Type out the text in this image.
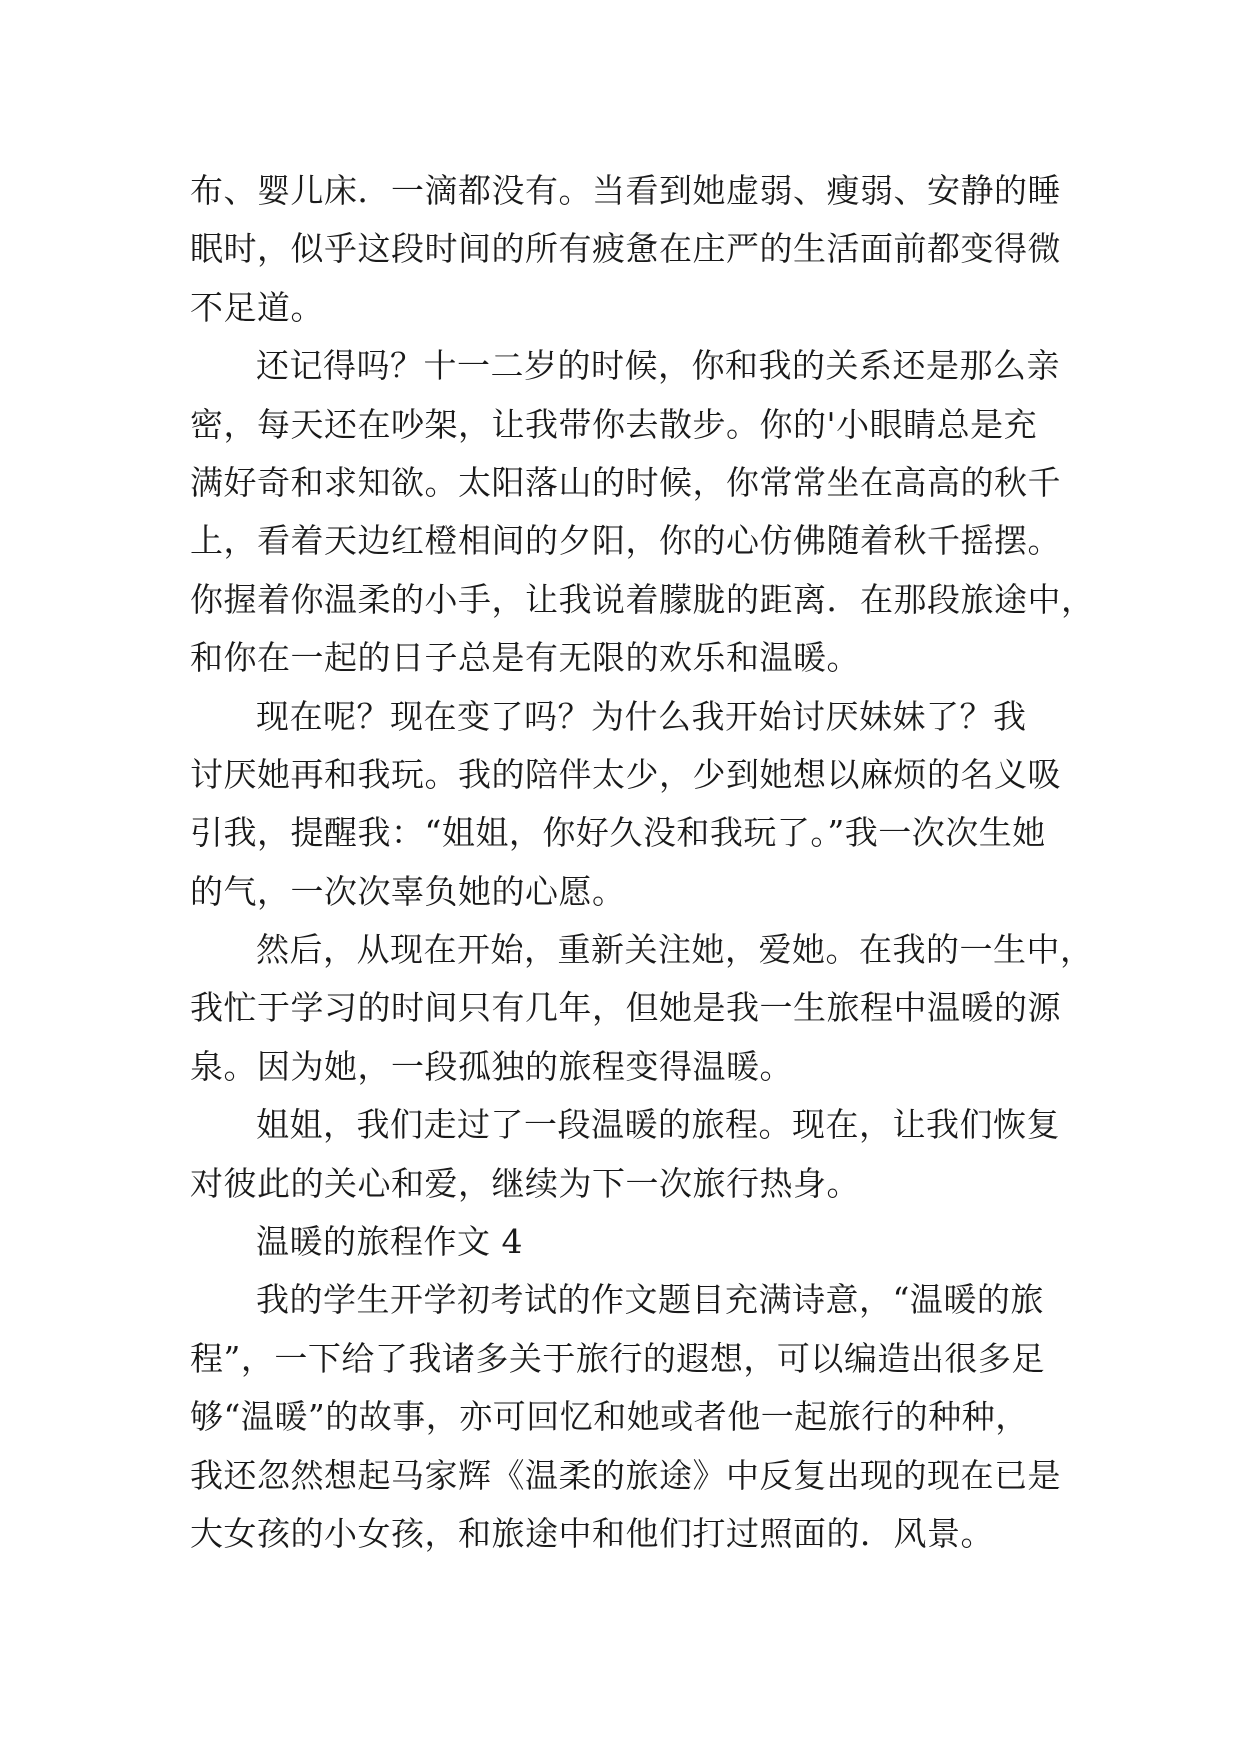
布、婴儿床．一滴都没有。当看到她虚弱、瘦弱、安静的睡
眠时，似乎这段时间的所有疲惫在庄严的生活面前都变得微
不足道。
还记得吗？十一二岁的时候，你和我的关系还是那么亲
密，每天还在吵架，让我带你去散步。你的'小眼睛总是充
满好奇和求知欲。太阳落山的时候，你常常坐在高高的秋千
上，看着天边红橙相间的夕阳，你的心仿佛随着秋千摇摆。
你握着你温柔的小手，让我说着朦胧的距离．在那段旅途中，
和你在一起的日子总是有无限的欢乐和温暖。
现在呢？现在变了吗？为什么我开始讨厌妹妹了？我
讨厌她再和我玩。我的陪伴太少，少到她想以麻烦的名义吸
引我，提醒我：“姐姐，你好久没和我玩了。”我一次次生她
的气，一次次辜负她的心愿。
然后，从现在开始，重新关注她，爱她。在我的一生中，
我忙于学习的时间只有几年，但她是我一生旅程中温暖的源
泉。因为她，一段孤独的旅程变得温暖。
姐姐，我们走过了一段温暖的旅程。现在，让我们恢复
对彼此的关心和爱，继续为下一次旅行热身。
温暖的旅程作文 4
我的学生开学初考试的作文题目充满诗意，“温暖的旅
程”，一下给了我诸多关于旅行的遐想，可以编造出很多足
够“温暖”的故事，亦可回忆和她或者他一起旅行的种种，
我还忽然想起马家辉《温柔的旅途》中反复出现的现在已是
大女孩的小女孩，和旅途中和他们打过照面的．风景。
